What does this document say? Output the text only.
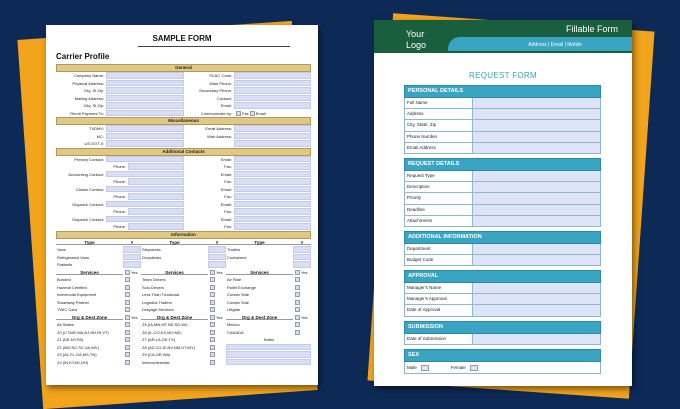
SAMPLE FORM
Carrier Profile
General
Company Name:	SCAC Code:
Physical Address:	Main Phone:
City, St Zip:	Secondary Phone:
Mailing Address:	Contact:
City, St Zip:	Email:
Remit Payment To:	Communicate by:	Fax Email
Miscellaneous
TXDMV:	Email Address:
MC:	Web Address:
US DOT #:
Additional Contacts
Primary Contact:	Email:
Phone:	Fax:
Accounting Contact:	Email:
Phone:	Fax:
Claims Contact:	Email:
Phone:	Fax:
Dispatch Contact:	Email:
Phone:	Fax:
Dispatch Contact:	Email:
Phone:	Fax:
Information
Type	#	Type	#	Type	#
Vans	Stepdecks	Trailers
Refrigerated Vans	Dropdecks	Containers
Flatbeds
Services	Yes	Services	Yes	Services	Yes
Bonded	Team Drivers	Air Ride
Hazmat Certified	Solo Drivers	Pallet Exchange
Intermodal Equipment	Less Than Truckload	Curtain Side
Smartway Partner	Logistics Trailers	Curtain Side
TWIC Card	Drayage Services	Liftgate
Org & Dest Zone	Yes	Org & Dest Zone	Yes	Org & Dest Zone	Yes
All States	Z5 (IA,MN,MT,ND,SD,WI)	Mexico
Z0 (CT,ME,MA,NJ,NH,RI,VT)	Z6 (IL,CO,KS,MO,NE)	CANADA
Z1 (DE,NY,PA)	Z7 (AR,LA,OK,TX)	Notes
Z2 (MD,NC,SC,VA,WV)	Z8 (AZ,CO,ID,NV,NM,UT,WY)
Z3 (AL,FL,GA,MS,TN)	Z9 (CA,OR,WA)
Z4 (IN,KY,MI,OH)	Intercontinental
Fillable Form
Address | Email | Mobile
Your
Logo
REQUEST FORM
PERSONAL DETAILS
Full Name
Address
City, State, Zip
Phone Number
Email Address
REQUEST DETAILS
Request Type
Description
Priority
Deadline
Attachments
ADDITIONAL INFORMATION
Department
Budget Code
APPROVAL
Manager's Name
Manager's Approval
Date of Approval
SUBMISSION
Date of Submission
SEX
Male	Female
